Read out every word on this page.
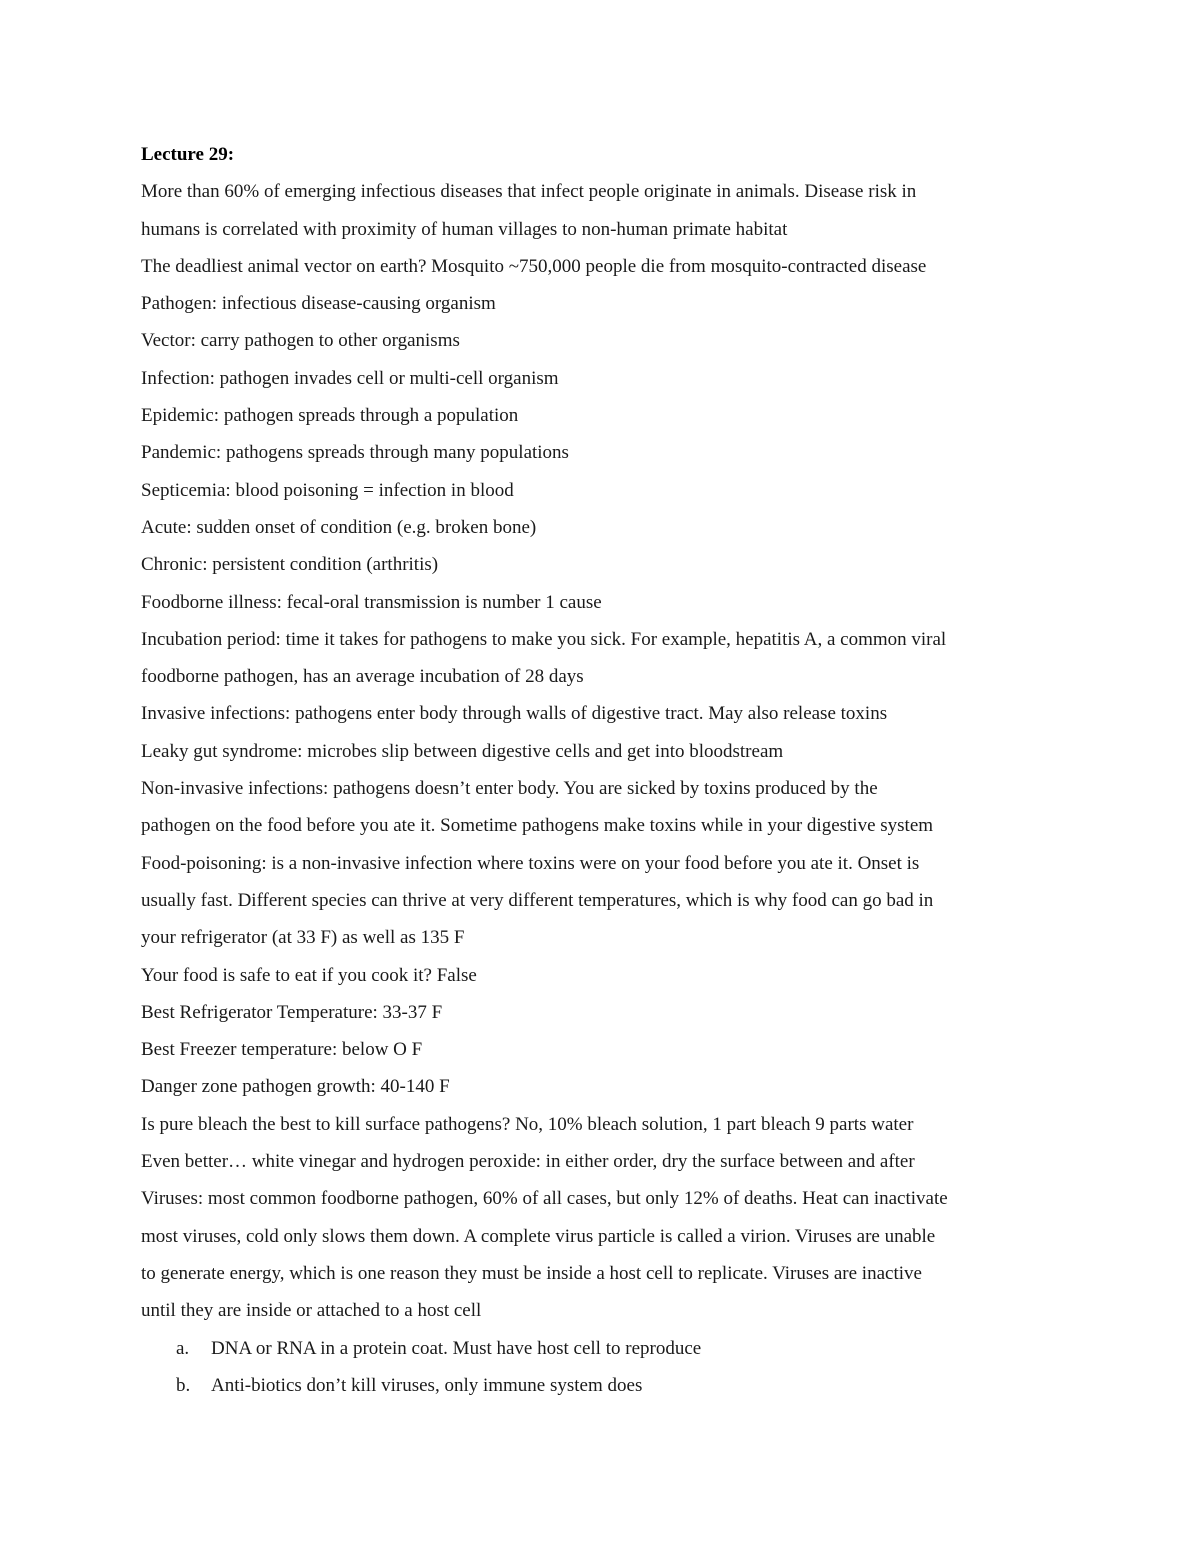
Lecture 29:
More than 60% of emerging infectious diseases that infect people originate in animals. Disease risk in
humans is correlated with proximity of human villages to non-human primate habitat
The deadliest animal vector on earth? Mosquito ~750,000 people die from mosquito-contracted disease
Pathogen: infectious disease-causing organism
Vector: carry pathogen to other organisms
Infection: pathogen invades cell or multi-cell organism
Epidemic: pathogen spreads through a population
Pandemic: pathogens spreads through many populations
Septicemia: blood poisoning = infection in blood
Acute: sudden onset of condition (e.g. broken bone)
Chronic: persistent condition (arthritis)
Foodborne illness: fecal-oral transmission is number 1 cause
Incubation period: time it takes for pathogens to make you sick. For example, hepatitis A, a common viral
foodborne pathogen, has an average incubation of 28 days
Invasive infections: pathogens enter body through walls of digestive tract. May also release toxins
Leaky gut syndrome: microbes slip between digestive cells and get into bloodstream
Non-invasive infections: pathogens doesn’t enter body. You are sicked by toxins produced by the
pathogen on the food before you ate it. Sometime pathogens make toxins while in your digestive system
Food-poisoning: is a non-invasive infection where toxins were on your food before you ate it. Onset is
usually fast. Different species can thrive at very different temperatures, which is why food can go bad in
your refrigerator (at 33 F) as well as 135 F
Your food is safe to eat if you cook it? False
Best Refrigerator Temperature: 33-37 F
Best Freezer temperature: below O F
Danger zone pathogen growth: 40-140 F
Is pure bleach the best to kill surface pathogens? No, 10% bleach solution, 1 part bleach 9 parts water
Even better… white vinegar and hydrogen peroxide: in either order, dry the surface between and after
Viruses: most common foodborne pathogen, 60% of all cases, but only 12% of deaths. Heat can inactivate
most viruses, cold only slows them down. A complete virus particle is called a virion. Viruses are unable
to generate energy, which is one reason they must be inside a host cell to replicate. Viruses are inactive
until they are inside or attached to a host cell
a. DNA or RNA in a protein coat. Must have host cell to reproduce
b. Anti-biotics don’t kill viruses, only immune system does
